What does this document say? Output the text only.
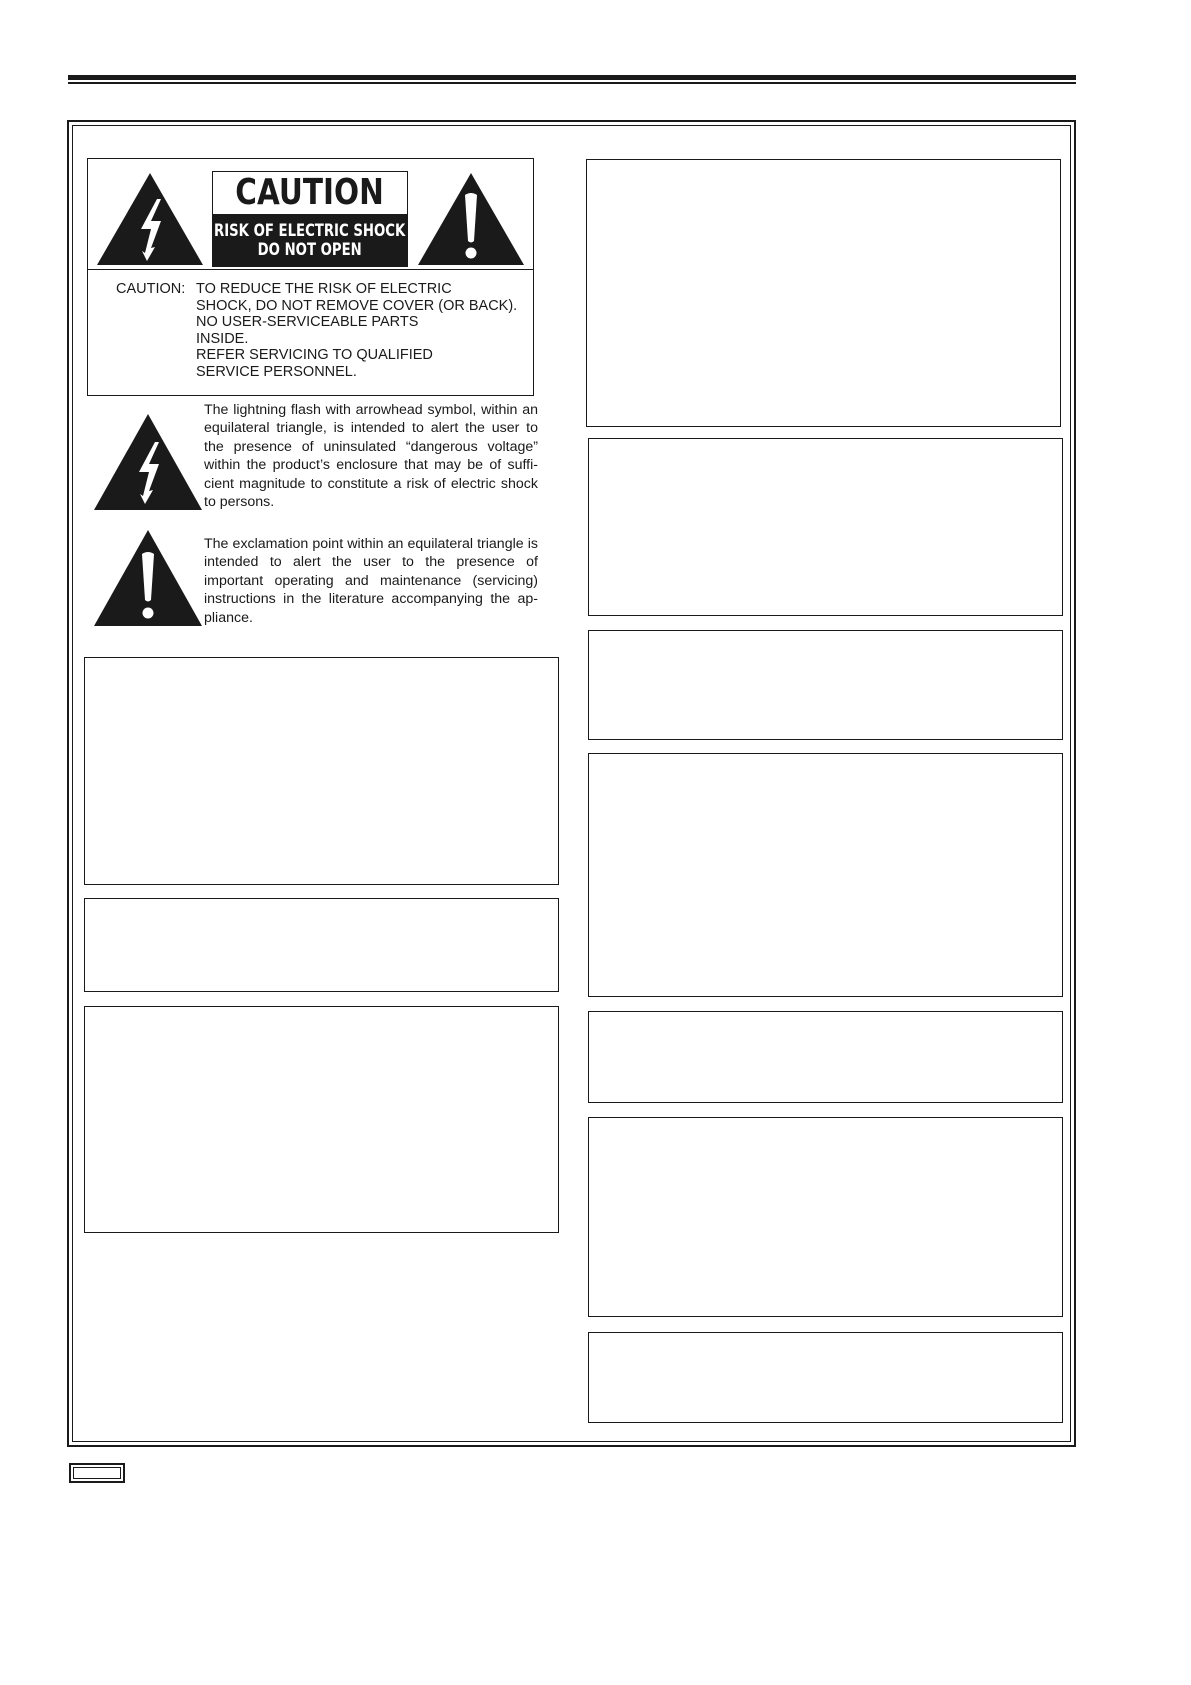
CAUTION
RISK OF ELECTRIC SHOCK
DO NOT OPEN
CAUTION: TO REDUCE THE RISK OF ELECTRIC
SHOCK, DO NOT REMOVE COVER (OR BACK).
NO USER-SERVICEABLE PARTS
INSIDE.
REFER SERVICING TO QUALIFIED
SERVICE PERSONNEL.
The lightning flash with arrowhead symbol, within an equilateral triangle, is intended to alert the user to the presence of uninsulated “dangerous voltage” within the product’s enclosure that may be of suffi-cient magnitude to constitute a risk of electric shock to persons.
The exclamation point within an equilateral triangle is intended to alert the user to the presence of important operating and maintenance (servicing) instructions in the literature accompanying the ap-pliance.
